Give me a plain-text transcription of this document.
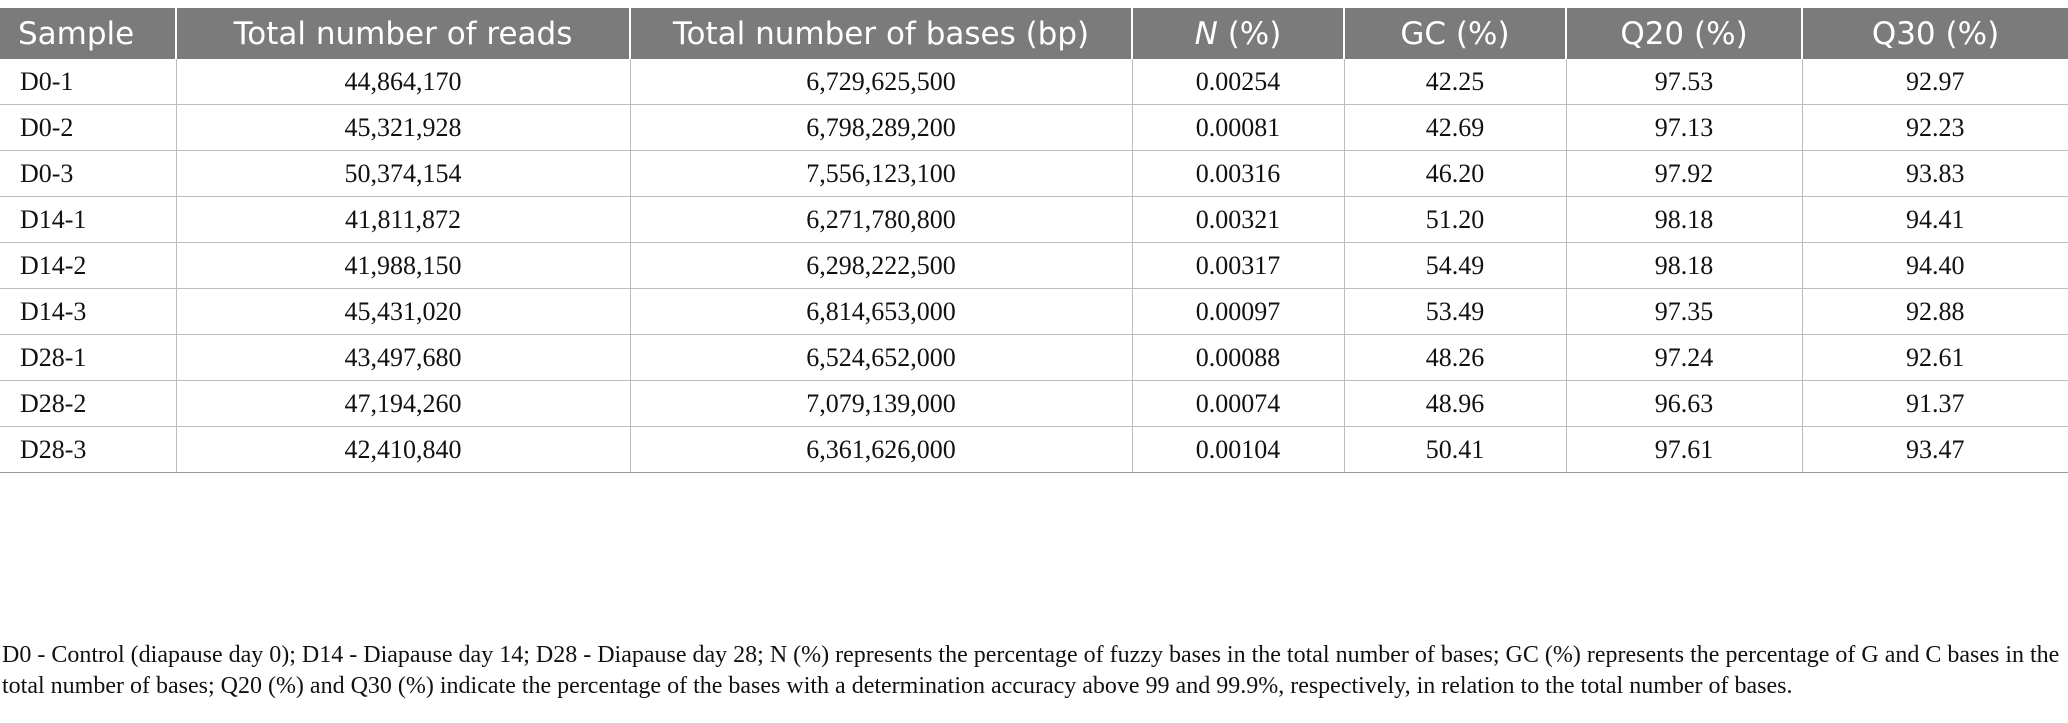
Sample	Total number of reads	Total number of bases (bp)	N (%)	GC (%)	Q20 (%)	Q30 (%)
D0-1	44,864,170	6,729,625,500	0.00254	42.25	97.53	92.97
D0-2	45,321,928	6,798,289,200	0.00081	42.69	97.13	92.23
D0-3	50,374,154	7,556,123,100	0.00316	46.20	97.92	93.83
D14-1	41,811,872	6,271,780,800	0.00321	51.20	98.18	94.41
D14-2	41,988,150	6,298,222,500	0.00317	54.49	98.18	94.40
D14-3	45,431,020	6,814,653,000	0.00097	53.49	97.35	92.88
D28-1	43,497,680	6,524,652,000	0.00088	48.26	97.24	92.61
D28-2	47,194,260	7,079,139,000	0.00074	48.96	96.63	91.37
D28-3	42,410,840	6,361,626,000	0.00104	50.41	97.61	93.47
D0 - Control (diapause day 0); D14 - Diapause day 14; D28 - Diapause day 28; N (%) represents the percentage of fuzzy bases in the total number of bases; GC (%) represents the percentage of G and C bases in the total number of bases; Q20 (%) and Q30 (%) indicate the percentage of the bases with a determination accuracy above 99 and 99.9%, respectively, in relation to the total number of bases.
